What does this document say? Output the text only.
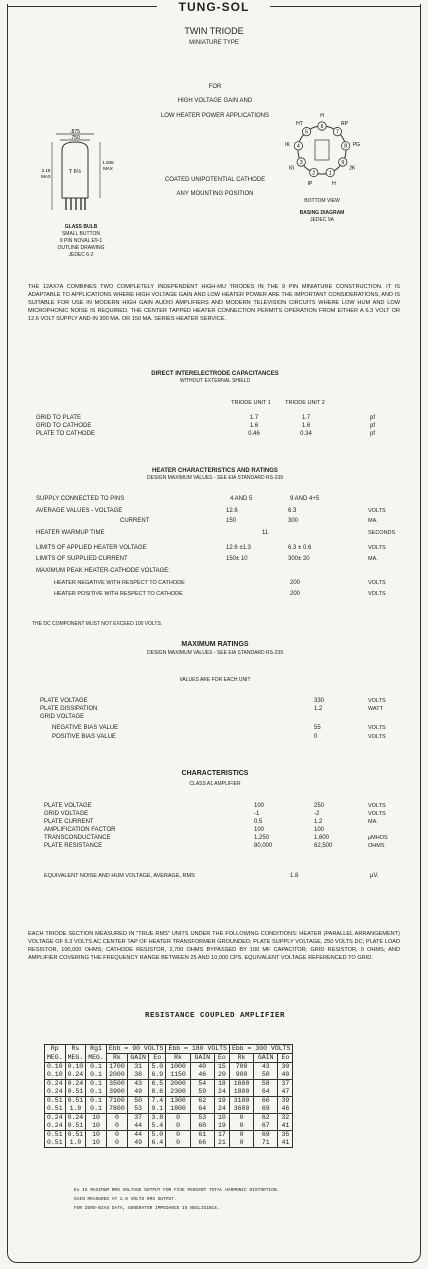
TUNG-SOL
TWIN TRIODE
MINIATURE TYPE
FOR
HIGH VOLTAGE GAIN AND
LOW HEATER POWER APPLICATIONS
COATED UNIPOTENTIAL CATHODE
ANY MOUNTING POSITION
.875
.750
2.19
MAX
1.938
MAX
T 6½
GLASS BULB
SMALL BUTTON
9 PIN NOVAL E9-1
OUTLINE DRAWING
JEDEC 6-2
1
H
2
IP
3
IG
4
IK
5
HT	6
H
7
RP
8 PG
9
2K
BOTTOM VIEW
BASING DIAGRAM
JEDEC 9A
THE 12AX7A COMBINES TWO COMPLETELY INDEPENDENT HIGH-MU TRIODES IN THE 9 PIN MINIATURE CONSTRUCTION. IT IS ADAPTABLE TO APPLICATIONS WHERE HIGH VOLTAGE GAIN AND LOW HEATER POWER ARE THE IMPORTANT CONSIDERATIONS, AND IS SUITABLE FOR USE IN MODERN HIGH GAIN AUDIO AMPLIFIERS AND MODERN TELEVISION CIRCUITS WHERE LOW HUM AND LOW MICROPHONIC NOISE IS REQUIRED. THE CENTER TAPPED HEATER CONNECTION PERMITS OPERATION FROM EITHER A 6.3 VOLT OR 12.6 VOLT SUPPLY AND IN 300 MA. OR 150 MA. SERIES HEATER SERVICE.
DIRECT INTERELECTRODE CAPACITANCES
WITHOUT EXTERNAL SHIELD
TRIODE UNIT 1	TRIODE UNIT 2
HEATER CHARACTERISTICS AND RATINGS
DESIGN MAXIMUM VALUES - SEE EIA STANDARD RS-239
SUPPLY CONNECTED TO PINS	4 AND 5	9 AND 4+5
MAXIMUM PEAK HEATER-CATHODE VOLTAGE:
HEATER NEGATIVE WITH RESPECT TO CATHODE	200	VOLTS
HEATER POSITIVE WITH RESPECT TO CATHODE	200	VOLTS
THE DC COMPONENT MUST NOT EXCEED 100 VOLTS.
MAXIMUM RATINGS
DESIGN MAXIMUM VALUES - SEE EIA STANDARD RS-239
VALUES ARE FOR EACH UNIT
CHARACTERISTICS
CLASS A1 AMPLIFIER
EQUIVALENT NOISE AND HUM VOLTAGE, AVERAGE, RMS	1.8	μV.
EACH TRIODE SECTION MEASURED IN "TRUE RMS" UNITS UNDER THE FOLLOWING CONDITIONS: HEATER (PARALLEL ARRANGEMENT) VOLTAGE OF 6.3 VOLTS AC CENTER TAP OF HEATER TRANSFORMER GROUNDED; PLATE SUPPLY VOLTAGE, 250 VOLTS DC; PLATE LOAD RESISTOR, 100,000 OHMS; CATHODE RESISTOR, 2,700 OHMS BYPASSED BY 100 ΜF CAPACITOR; GRID RESISTOR, 0 OHMS; AND AMPLIFIER COVERING THE FREQUENCY RANGE BETWEEN 25 AND 10,000 CPS. EQUIVALENT VOLTAGE REFERENCED TO GRID.
RESISTANCE COUPLED AMPLIFIER
Rp	Rs	Rg1	Ebb = 90 VOLTS			Ebb = 180 VOLTS			Ebb = 300 VOLTS		
MEG.	MEG.	MEG.	Rk	GAIN	Eo	Rk	GAIN	Eo	Rk	GAIN	Eo
0.10	0.10	0.1	1700	31	5.0	1000	40	15	700	43	30
0.10	0.24	0.1	2000	38	6.9	1150	46	20	900	50	40
0.24	0.24	0.1	3500	43	6.5	2000	54	18	1600	58	37
0.24	0.51	0.1	3900	49	8.6	2300	59	24	1800	64	47
0.51	0.51	0.1	7100	50	7.4	1300	62	19	3100	66	39
0.51	1.0	0.1	7800	53	9.1	1800	64	24	3600	69	46
0.24	0.24	10	0	37	3.8	0	53	10	0	62	32
0.24	0.51	10	0	44	5.4	0	60	19	0	67	41
0.51	0.51	10	0	44	5.0	0	61	17	0	69	35
0.51	1.0	10	0	49	6.4	0	66	21	0	71	41
Eo IS MAXIMUM RMS VOLTAGE OUTPUT FOR FIVE PERCENT TOTAL HARMONIC DISTORTION.
GAIN MEASURED AT 2.0 VOLTS RMS OUTPUT.
FOR ZERO-BIAS DATA, GENERATOR IMPEDANCE IS NEGLIGIBLE.
GRID TO PLATE	1.7	1.7	pf
GRID TO CATHODE	1.6	1.6	pf
PLATE TO CATHODE	0.46	0.34	pf
AVERAGE VALUES - VOLTAGE	12.6	6.3	VOLTS
CURRENT	150	300	MA.
HEATER WARMUP TIME	11	SECONDS
LIMITS OF APPLIED HEATER VOLTAGE	12.6 ±1.3	6.3 ± 0.6	VOLTS
LIMITS OF SUPPLIED CURRENT	150± 10	300± 20	MA.
PLATE VOLTAGE	330	VOLTS
PLATE DISSIPATION	1.2	WATT
GRID VOLTAGE
NEGATIVE BIAS VALUE	55	VOLTS
POSITIVE BIAS VALUE	0	VOLTS
PLATE VOLTAGE	100	250	VOLTS
GRID VOLTAGE	-1	-2	VOLTS
PLATE CURRENT	0.5	1.2	MA.
AMPLIFICATION FACTOR	100	100
TRANSCONDUCTANCE	1,250	1,600	μMHOS
PLATE RESISTANCE	80,000	62,500	OHMS
